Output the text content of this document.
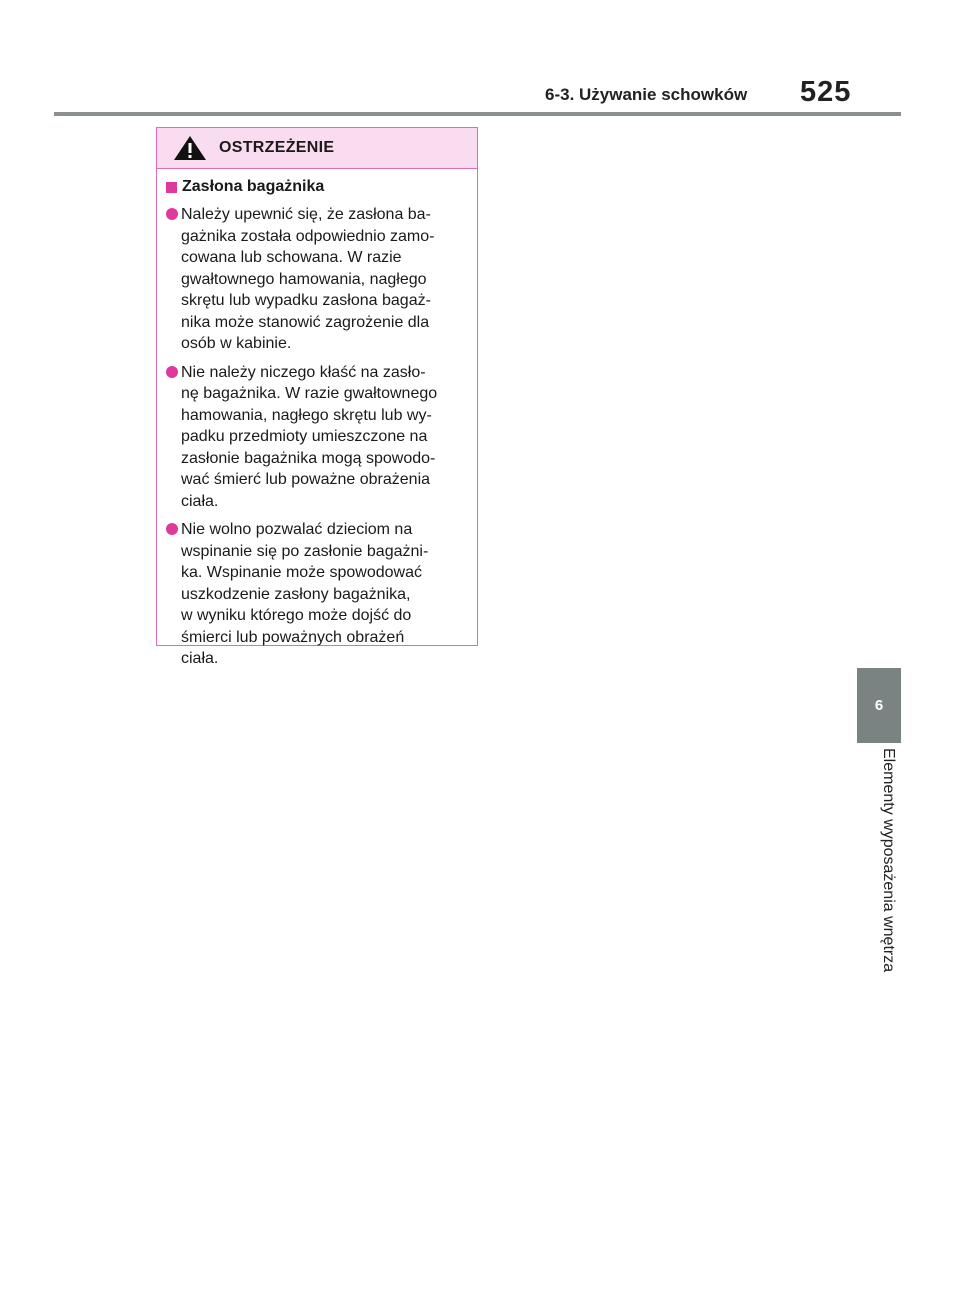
6-3. Używanie schowków 525
OSTRZEŻENIE
Zasłona bagażnika
Należy upewnić się, że zasłona ba-
gażnika została odpowiednio zamo-
cowana lub schowana. W razie
gwałtownego hamowania, nagłego
skrętu lub wypadku zasłona bagaż-
nika może stanowić zagrożenie dla
osób w kabinie.
Nie należy niczego kłaść na zasło-
nę bagażnika. W razie gwałtownego
hamowania, nagłego skrętu lub wy-
padku przedmioty umieszczone na
zasłonie bagażnika mogą spowodo-
wać śmierć lub poważne obrażenia
ciała.
Nie wolno pozwalać dzieciom na
wspinanie się po zasłonie bagażni-
ka. Wspinanie może spowodować
uszkodzenie zasłony bagażnika,
w wyniku którego może dojść do
śmierci lub poważnych obrażeń
ciała.
6
Elementy wyposażenia wnętrza
